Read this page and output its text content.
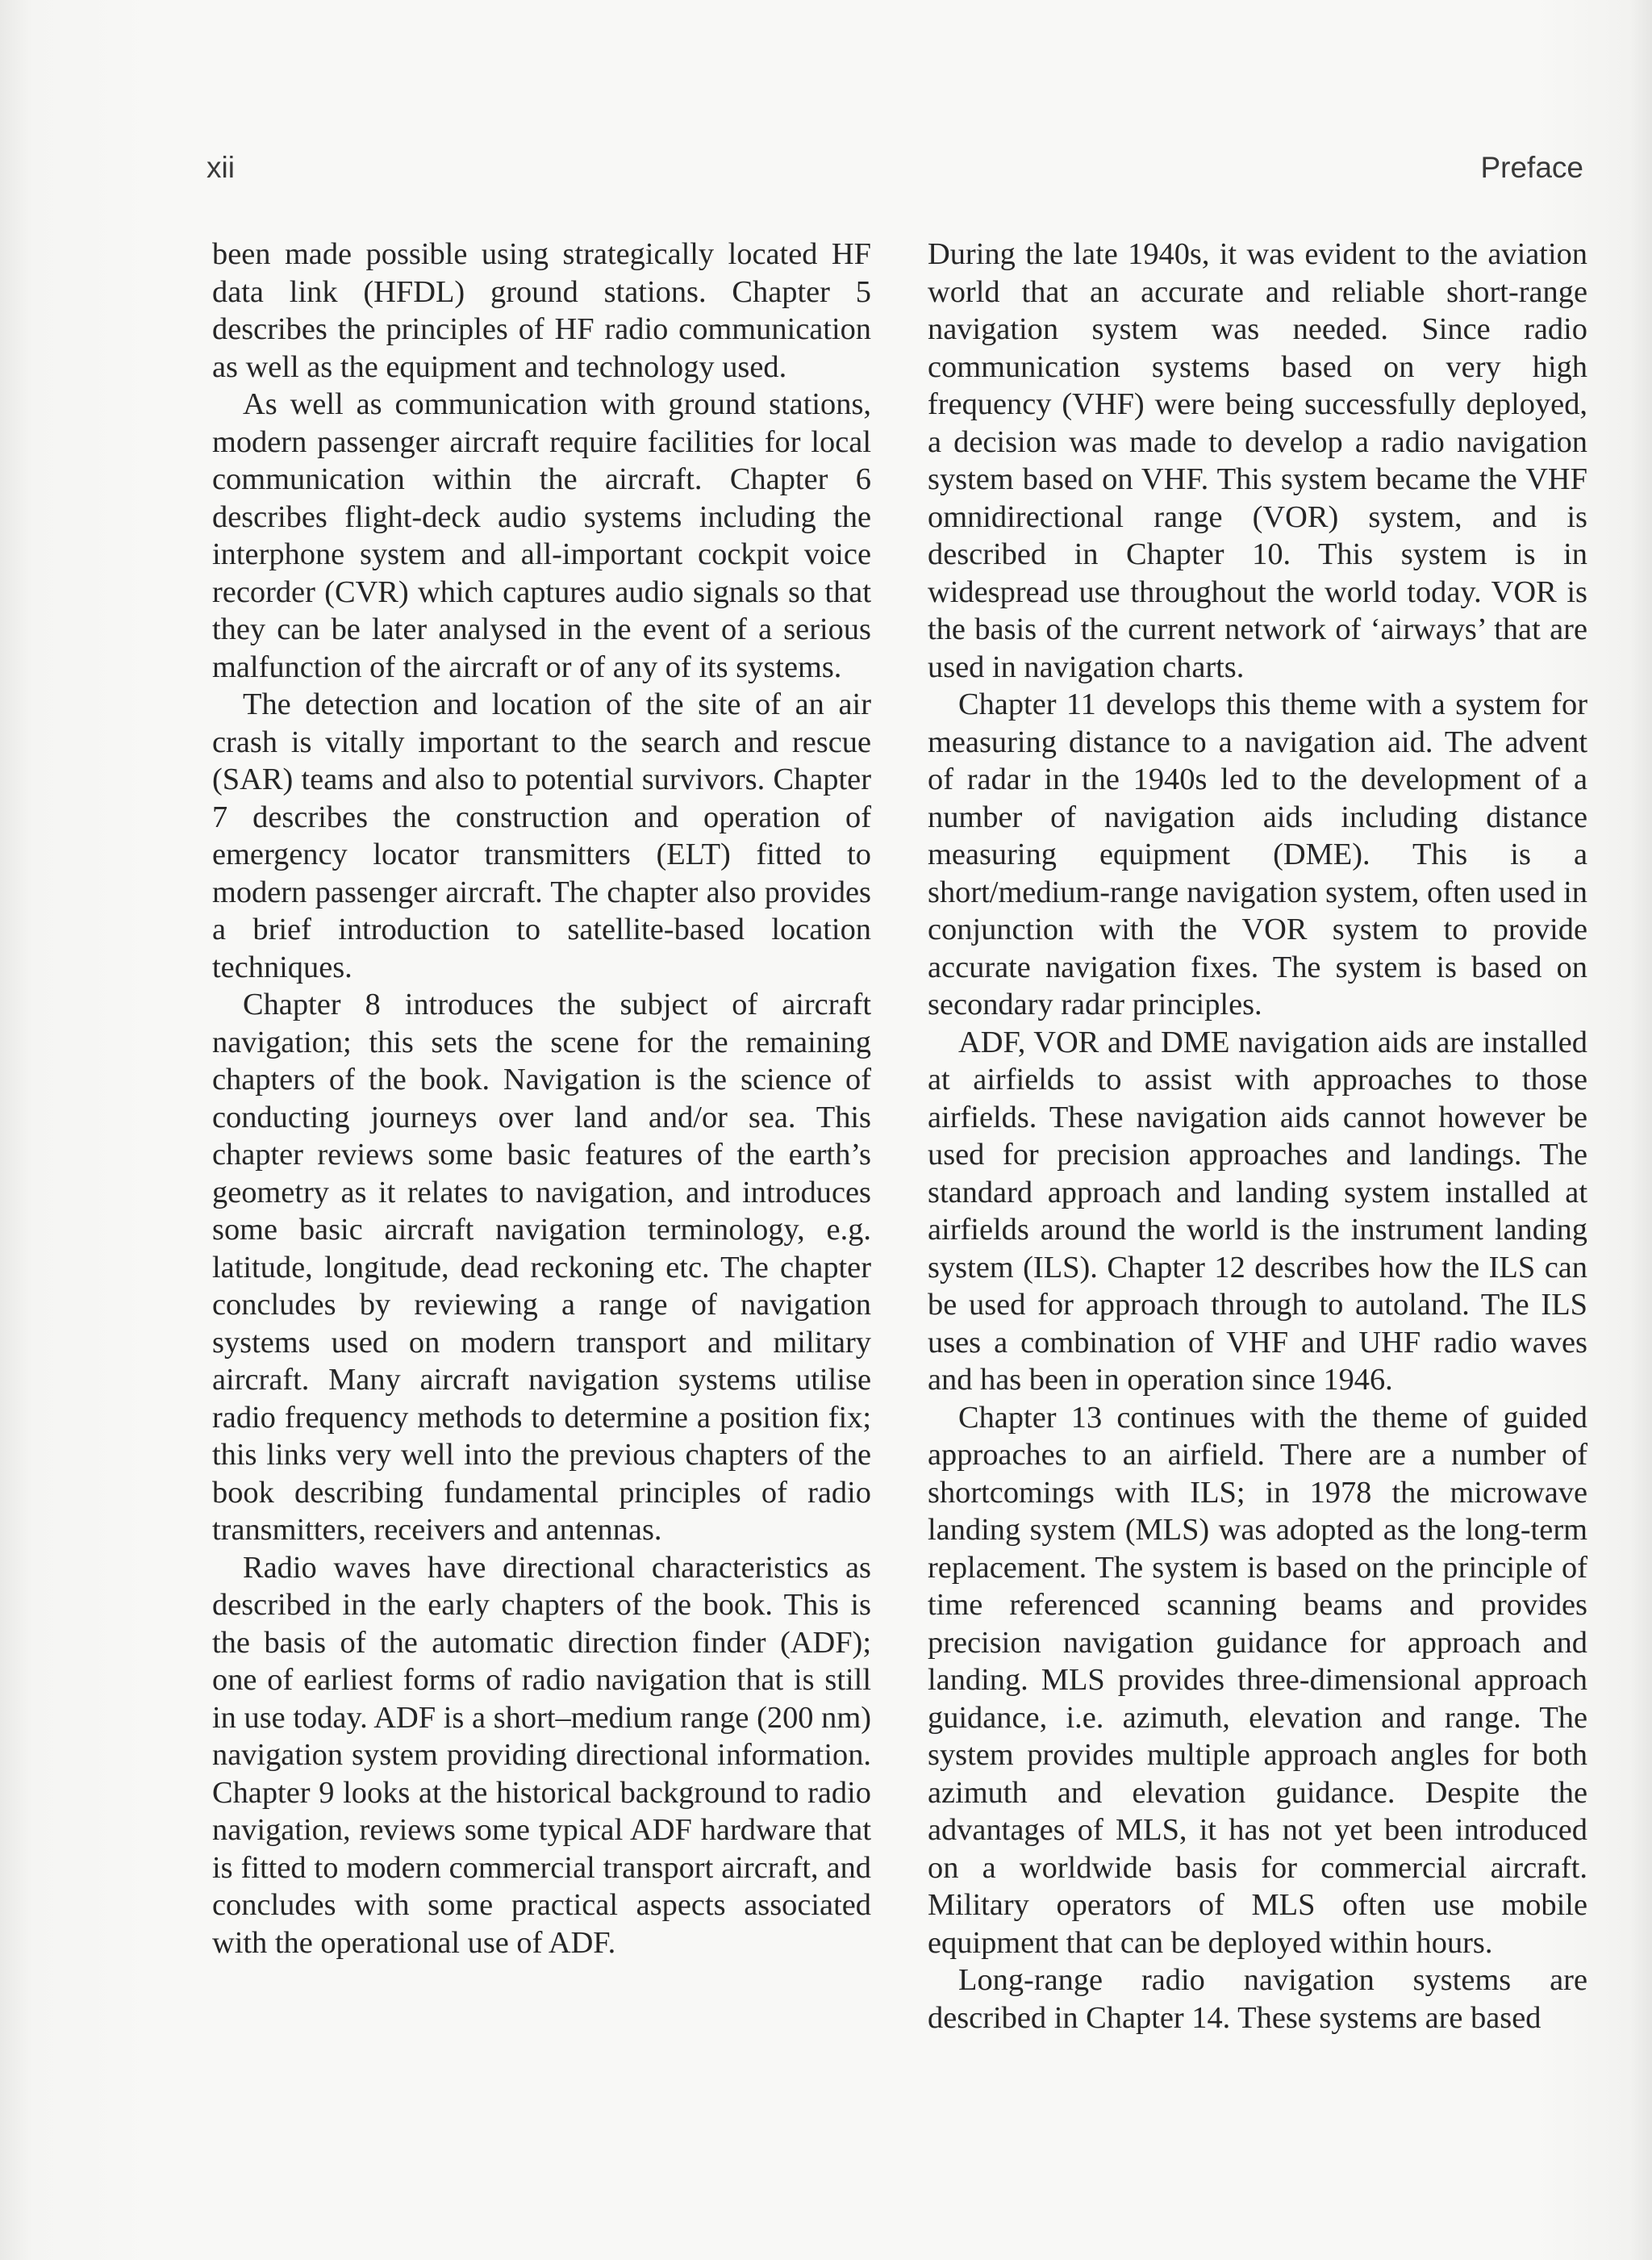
xii	Preface

been made possible using strategically located HF data link (HFDL) ground stations. Chapter 5 describes the principles of HF radio communication as well as the equipment and technology used.

As well as communication with ground stations, modern passenger aircraft require facilities for local communication within the aircraft. Chapter 6 describes flight-deck audio systems including the interphone system and all-important cockpit voice recorder (CVR) which captures audio signals so that they can be later analysed in the event of a serious malfunction of the aircraft or of any of its systems.

The detection and location of the site of an air crash is vitally important to the search and rescue (SAR) teams and also to potential survivors. Chapter 7 describes the construction and operation of emergency locator transmitters (ELT) fitted to modern passenger aircraft. The chapter also provides a brief introduction to satellite-based location techniques.

Chapter 8 introduces the subject of aircraft navigation; this sets the scene for the remaining chapters of the book. Navigation is the science of conducting journeys over land and/or sea. This chapter reviews some basic features of the earth’s geometry as it relates to navigation, and introduces some basic aircraft navigation terminology, e.g. latitude, longitude, dead reckoning etc. The chapter concludes by reviewing a range of navigation systems used on modern transport and military aircraft. Many aircraft navigation systems utilise radio frequency methods to determine a position fix; this links very well into the previous chapters of the book describing fundamental principles of radio transmitters, receivers and antennas.

Radio waves have directional characteristics as described in the early chapters of the book. This is the basis of the automatic direction finder (ADF); one of earliest forms of radio navigation that is still in use today. ADF is a short–medium range (200 nm) navigation system providing directional information. Chapter 9 looks at the historical background to radio navigation, reviews some typical ADF hardware that is fitted to modern commercial transport aircraft, and concludes with some practical aspects associated with the operational use of ADF.

During the late 1940s, it was evident to the aviation world that an accurate and reliable short-range navigation system was needed. Since radio communication systems based on very high frequency (VHF) were being successfully deployed, a decision was made to develop a radio navigation system based on VHF. This system became the VHF omnidirectional range (VOR) system, and is described in Chapter 10. This system is in widespread use throughout the world today. VOR is the basis of the current network of ‘airways’ that are used in navigation charts.

Chapter 11 develops this theme with a system for measuring distance to a navigation aid. The advent of radar in the 1940s led to the development of a number of navigation aids including distance measuring equipment (DME). This is a short/medium-range navigation system, often used in conjunction with the VOR system to provide accurate navigation fixes. The system is based on secondary radar principles.

ADF, VOR and DME navigation aids are installed at airfields to assist with approaches to those airfields. These navigation aids cannot however be used for precision approaches and landings. The standard approach and landing system installed at airfields around the world is the instrument landing system (ILS). Chapter 12 describes how the ILS can be used for approach through to autoland. The ILS uses a combination of VHF and UHF radio waves and has been in operation since 1946.

Chapter 13 continues with the theme of guided approaches to an airfield. There are a number of shortcomings with ILS; in 1978 the microwave landing system (MLS) was adopted as the long-term replacement. The system is based on the principle of time referenced scanning beams and provides precision navigation guidance for approach and landing. MLS provides three-dimensional approach guidance, i.e. azimuth, elevation and range. The system provides multiple approach angles for both azimuth and elevation guidance. Despite the advantages of MLS, it has not yet been introduced on a worldwide basis for commercial aircraft. Military operators of MLS often use mobile equipment that can be deployed within hours.

Long-range radio navigation systems are described in Chapter 14. These systems are based
